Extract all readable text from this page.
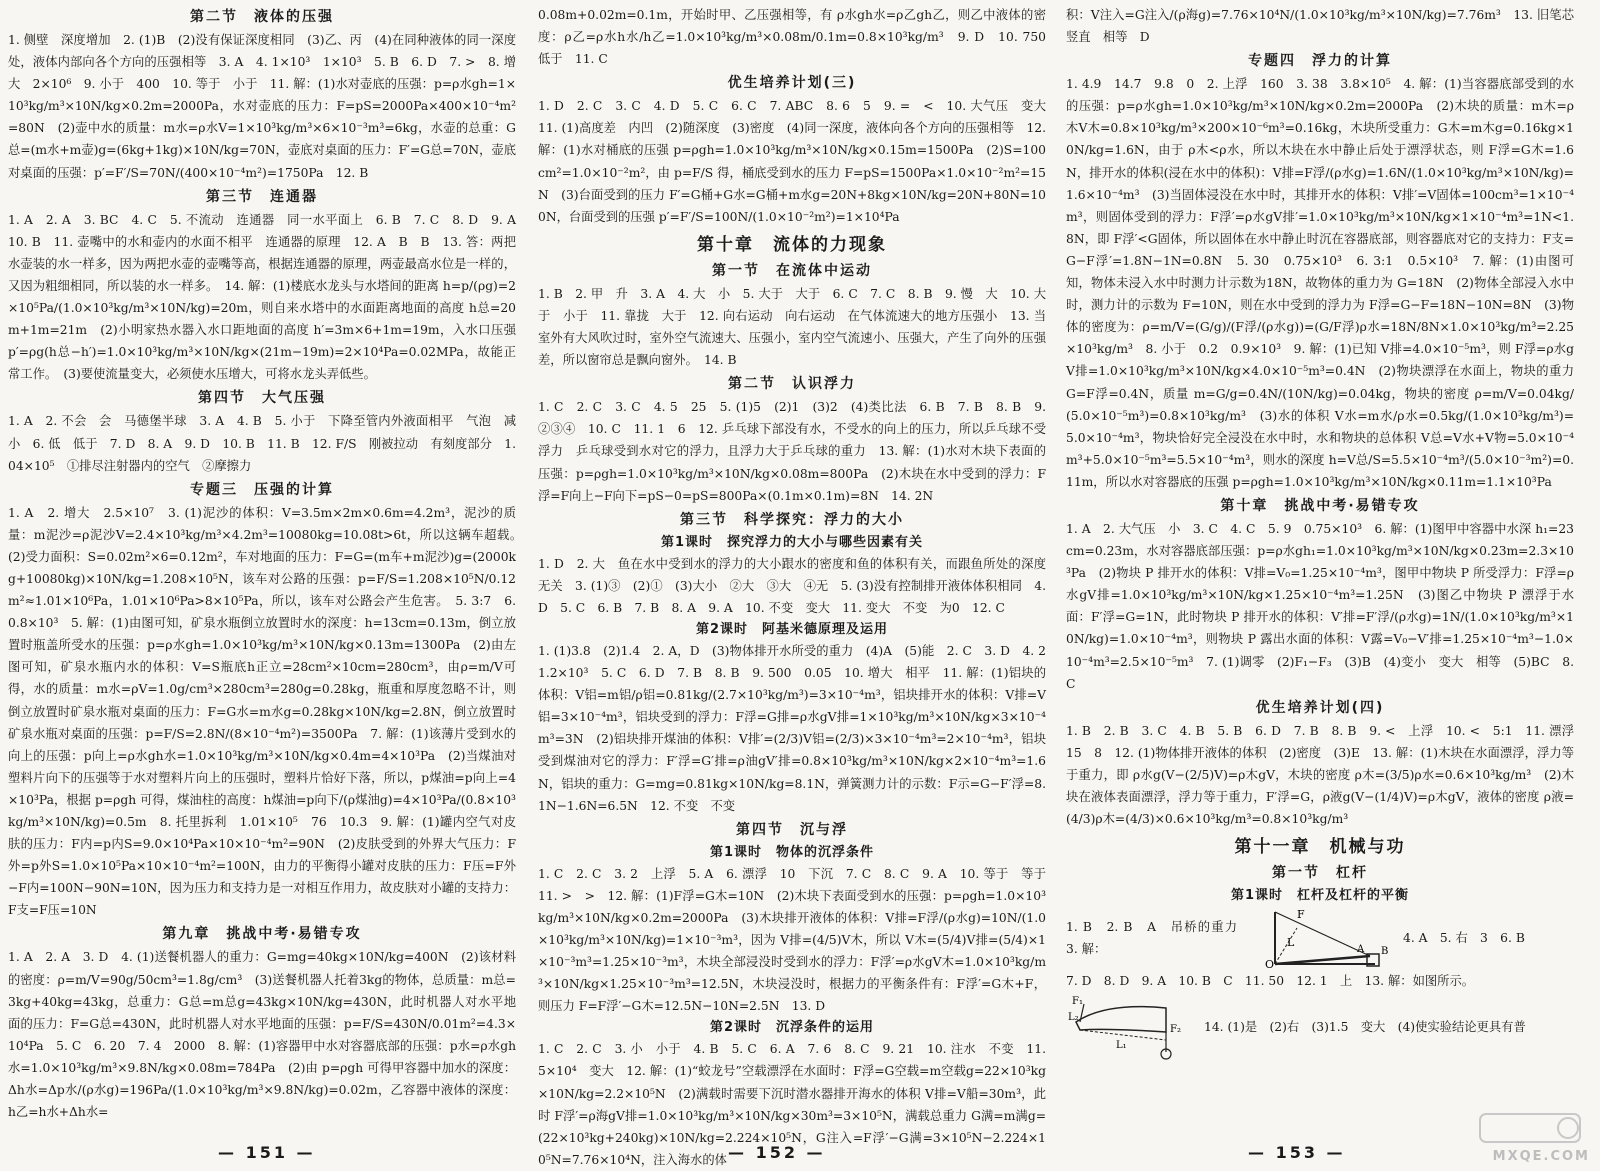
第二节　液体的压强

1. 侧壁　深度增加　2. (1)B　(2)没有保证深度相同　(3)乙、丙　(4)在同种液体的同一深度处，液体内部向各个方向的压强相等　3. A　4. 1×10³　1×10³　5. B　6. D　7. >　8. 增大　2×10⁶　9. 小于　400　10. 等于　小于　11. 解：(1)水对壶底的压强：p=ρ水gh=1×10³kg/m³×10N/kg×0.2m=2000Pa，水对壶底的压力：F=pS=2000Pa×400×10⁻⁴m²=80N　(2)壶中水的质量：m水=ρ水V=1×10³kg/m³×6×10⁻³m³=6kg，水壶的总重：G总=(m水+m壶)g=(6kg+1kg)×10N/kg=70N，壶底对桌面的压力：F′=G总=70N，壶底对桌面的压强：p′=F′/S=70N/(400×10⁻⁴m²)=1750Pa　12. B

第三节　连通器

1. A　2. A　3. BC　4. C　5. 不流动　连通器　同一水平面上　6. B　7. C　8. D　9. A　10. B　11. 壶嘴中的水和壶内的水面不相平　连通器的原理　12. A　B　B　13. 答：两把水壶装的水一样多，因为两把水壶的壶嘴等高，根据连通器的原理，两壶最高水位是一样的，又因为粗细相同，所以装的水一样多。　14. 解：(1)楼底水龙头与水塔间的距离 h=p/(ρg)=2×10⁵Pa/(1.0×10³kg/m³×10N/kg)=20m，则自来水塔中的水面距离地面的高度 h总=20m+1m=21m　(2)小明家热水器入水口距地面的高度 h′=3m×6+1m=19m，入水口压强 p′=ρg(h总−h′)=1.0×10³kg/m³×10N/kg×(21m−19m)=2×10⁴Pa=0.02MPa，故能正常工作。　(3)要使流量变大，必须使水压增大，可将水龙头弄低些。

第四节　大气压强

1. A　2. 不会　会　马德堡半球　3. A　4. B　5. 小于　下降至管内外液面相平　气泡　减小　6. 低　低于　7. D　8. A　9. D　10. B　11. B　12. F/S　刚被拉动　有刻度部分　1.04×10⁵　①排尽注射器内的空气　②摩擦力

专题三　压强的计算

1. A　2. 增大　2.5×10⁷　3. (1)泥沙的体积：V=3.5m×2m×0.6m=4.2m³，泥沙的质量：m泥沙=ρ泥沙V=2.4×10³kg/m³×4.2m³=10080kg=10.08t>6t，所以这辆车超载。　(2)受力面积：S=0.02m²×6=0.12m²，车对地面的压力：F=G=(m车+m泥沙)g=(2000kg+10080kg)×10N/kg=1.208×10⁵N，该车对公路的压强：p=F/S=1.208×10⁵N/0.12m²≈1.01×10⁶Pa，1.01×10⁶Pa>8×10⁵Pa，所以，该车对公路会产生危害。　5. 3:7　6. 0.8×10³　5. 解：(1)由图可知，矿泉水瓶倒立放置时水的深度：h=13cm=0.13m，倒立放置时瓶盖所受水的压强：p=ρ水gh=1.0×10³kg/m³×10N/kg×0.13m=1300Pa　(2)由左图可知，矿泉水瓶内水的体积：V=S瓶底h正立=28cm²×10cm=280cm³，由ρ=m/V可得，水的质量：m水=ρV=1.0g/cm³×280cm³=280g=0.28kg，瓶重和厚度忽略不计，则倒立放置时矿泉水瓶对桌面的压力：F=G水=m水g=0.28kg×10N/kg=2.8N，倒立放置时矿泉水瓶对桌面的压强：p=F/S=2.8N/(8×10⁻⁴m²)=3500Pa　7. 解：(1)该薄片受到水的向上的压强：p向上=ρ水gh水=1.0×10³kg/m³×10N/kg×0.4m=4×10³Pa　(2)当煤油对塑料片向下的压强等于水对塑料片向上的压强时，塑料片恰好下落，所以，p煤油=p向上=4×10³Pa，根据 p=ρgh 可得，煤油柱的高度：h煤油=p向下/(ρ煤油g)=4×10³Pa/(0.8×10³kg/m³×10N/kg)=0.5m　8. 托里拆利　1.01×10⁵　76　10.3　9. 解：(1)罐内空气对皮肤的压力：F内=p内S=9.0×10⁴Pa×10×10⁻⁴m²=90N　(2)皮肤受到的外界大气压力：F外=p外S=1.0×10⁵Pa×10×10⁻⁴m²=100N，由力的平衡得小罐对皮肤的压力：F压=F外−F内=100N−90N=10N，因为压力和支持力是一对相互作用力，故皮肤对小罐的支持力：F支=F压=10N

第九章　挑战中考·易错专攻

1. A　2. A　3. D　4. (1)送餐机器人的重力：G=mg=40kg×10N/kg=400N　(2)该材料的密度：ρ=m/V=90g/50cm³=1.8g/cm³　(3)送餐机器人托着3kg的物体，总质量：m总=3kg+40kg=43kg，总重力：G总=m总g=43kg×10N/kg=430N，此时机器人对水平地面的压力：F=G总=430N，此时机器人对水平地面的压强：p=F/S=430N/0.01m²=4.3×10⁴Pa　5. C　6. 20　7. 4　2000　8. 解：(1)容器甲中水对容器底部的压强：p水=ρ水gh水=1.0×10³kg/m³×9.8N/kg×0.08m=784Pa　(2)由 p=ρgh 可得甲容器中加水的深度：Δh水=Δp水/(ρ水g)=196Pa/(1.0×10³kg/m³×9.8N/kg)=0.02m，乙容器中液体的深度：h乙=h水+Δh水=

0.08m+0.02m=0.1m，开始时甲、乙压强相等，有 ρ水gh水=ρ乙gh乙，则乙中液体的密度：ρ乙=ρ水h水/h乙=1.0×10³kg/m³×0.08m/0.1m=0.8×10³kg/m³　9. D　10. 750　低于　11. C

优生培养计划(三)

1. D　2. C　3. C　4. D　5. C　6. C　7. ABC　8. 6　5　9. =　<　10. 大气压　变大　11. (1)高度差　内凹　(2)随深度　(3)密度　(4)同一深度，液体向各个方向的压强相等　12. 解：(1)水对桶底的压强 p=ρgh=1.0×10³kg/m³×10N/kg×0.15m=1500Pa　(2)S=100cm²=1.0×10⁻²m²，由 p=F/S 得，桶底受到水的压力 F=pS=1500Pa×1.0×10⁻²m²=15N　(3)台面受到的压力 F′=G桶+G水=G桶+m水g=20N+8kg×10N/kg=20N+80N=100N，台面受到的压强 p′=F′/S=100N/(1.0×10⁻²m²)=1×10⁴Pa

第十章　流体的力现象
第一节　在流体中运动

1. B　2. 甲　升　3. A　4. 大　小　5. 大于　大于　6. C　7. C　8. B　9. 慢　大　10. 大于　小于　11. 靠拢　大于　12. 向右运动　向右运动　在气体流速大的地方压强小　13. 当室外有大风吹过时，室外空气流速大、压强小，室内空气流速小、压强大，产生了向外的压强差，所以窗帘总是飘向窗外。　14. B

第二节　认识浮力

1. C　2. C　3. C　4. 5　25　5. (1)5　(2)1　(3)2　(4)类比法　6. B　7. B　8. B　9. ②③④　10. C　11. 1　6　12. 乒乓球下部没有水，不受水的向上的压力，所以乒乓球不受浮力　乒乓球受到水对它的浮力，且浮力大于乒乓球的重力　13. 解：(1)水对木块下表面的压强：p=ρgh=1.0×10³kg/m³×10N/kg×0.08m=800Pa　(2)木块在水中受到的浮力：F浮=F向上−F向下=pS−0=pS=800Pa×(0.1m×0.1m)=8N　14. 2N

第三节　科学探究：浮力的大小
第1课时　探究浮力的大小与哪些因素有关

1. D　2. 大　鱼在水中受到水的浮力的大小跟水的密度和鱼的体积有关，而跟鱼所处的深度无关　3. (1)③　(2)①　(3)大小　②大　③大　④无　5. (3)没有控制排开液体体积相同　4. D　5. C　6. B　7. B　8. A　9. A　10. 不变　变大　11. 变大　不变　为0　12. C

第2课时　阿基米德原理及运用

1. (1)3.8　(2)1.4　2. A，D　(3)物体排开水所受的重力　(4)A　(5)能　2. C　3. D　4. 2　1.2×10³　5. C　6. D　7. B　8. B　9. 500　0.05　10. 增大　相平　11. 解：(1)铝块的体积：V铝=m铝/ρ铝=0.81kg/(2.7×10³kg/m³)=3×10⁻⁴m³，铝块排开水的体积：V排=V铝=3×10⁻⁴m³，铝块受到的浮力：F浮=G排=ρ水gV排=1×10³kg/m³×10N/kg×3×10⁻⁴m³=3N　(2)铝块排开煤油的体积：V排′=(2/3)V铝=(2/3)×3×10⁻⁴m³=2×10⁻⁴m³，铝块受到煤油对它的浮力：F′浮=G′排=ρ油gV′排=0.8×10³kg/m³×10N/kg×2×10⁻⁴m³=1.6N，铝块的重力：G=mg=0.81kg×10N/kg=8.1N，弹簧测力计的示数：F示=G−F′浮=8.1N−1.6N=6.5N　12. 不变　不变

第四节　沉与浮
第1课时　物体的沉浮条件

1. C　2. C　3. 2　上浮　5. A　6. 漂浮　10　下沉　7. C　8. C　9. A　10. 等于　等于　11. >　>　12. 解：(1)F浮=G木=10N　(2)木块下表面受到水的压强：p=ρgh=1.0×10³kg/m³×10N/kg×0.2m=2000Pa　(3)木块排开液体的体积：V排=F浮/(ρ水g)=10N/(1.0×10³kg/m³×10N/kg)=1×10⁻³m³，因为 V排=(4/5)V木，所以 V木=(5/4)V排=(5/4)×1×10⁻³m³=1.25×10⁻³m³，木块全部浸没时受到水的浮力：F浮′=ρ水gV木=1.0×10³kg/m³×10N/kg×1.25×10⁻³m³=12.5N，木块浸没时，根据力的平衡条件有：F浮′=G木+F，则压力 F=F浮′−G木=12.5N−10N=2.5N　13. D

第2课时　沉浮条件的运用

1. C　2. C　3. 小　小于　4. B　5. C　6. A　7. 6　8. C　9. 21　10. 注水　不变　11. 5×10⁴　变大　12. 解：(1)“蛟龙号”空载漂浮在水面时：F浮=G空载=m空载g=22×10³kg×10N/kg=2.2×10⁵N　(2)满载时需要下沉时潜水器排开海水的体积 V排=V船=30m³，此时 F浮′=ρ海gV排=1.0×10³kg/m³×10N/kg×30m³=3×10⁵N，满载总重力 G满=m满g=(22×10³kg+240kg)×10N/kg=2.224×10⁵N，G注入=F浮′−G满=3×10⁵N−2.224×10⁵N=7.76×10⁴N，注入海水的体

积：V注入=G注入/(ρ海g)=7.76×10⁴N/(1.0×10³kg/m³×10N/kg)=7.76m³　13. 旧笔芯　竖直　相等　D

专题四　浮力的计算

1. 4.9　14.7　9.8　0　2. 上浮　160　3. 38　3.8×10⁵　4. 解：(1)当容器底部受到的水的压强：p=ρ水gh=1.0×10³kg/m³×10N/kg×0.2m=2000Pa　(2)木块的质量：m木=ρ木V木=0.8×10³kg/m³×200×10⁻⁶m³=0.16kg，木块所受重力：G木=m木g=0.16kg×10N/kg=1.6N，由于 ρ木<ρ水，所以木块在水中静止后处于漂浮状态，则 F浮=G木=1.6N，排开水的体积(浸在水中的体积)：V排=F浮/(ρ水g)=1.6N/(1.0×10³kg/m³×10N/kg)=1.6×10⁻⁴m³　(3)当固体浸没在水中时，其排开水的体积：V排′=V固体=100cm³=1×10⁻⁴m³，则固体受到的浮力：F浮′=ρ水gV排′=1.0×10³kg/m³×10N/kg×1×10⁻⁴m³=1N<1.8N，即 F浮′<G固体，所以固体在水中静止时沉在容器底部，则容器底对它的支持力：F支=G−F浮′=1.8N−1N=0.8N　5. 30　0.75×10³　6. 3:1　0.5×10³　7. 解：(1)由图可知，物体未浸入水中时测力计示数为18N，故物体的重力为 G=18N　(2)物体全部浸入水中时，测力计的示数为 F=10N，则在水中受到的浮力为 F浮=G−F=18N−10N=8N　(3)物体的密度为：ρ=m/V=(G/g)/(F浮/(ρ水g))=(G/F浮)ρ水=18N/8N×1.0×10³kg/m³=2.25×10³kg/m³　8. 小于　0.2　0.9×10³　9. 解：(1)已知 V排=4.0×10⁻⁵m³，则 F浮=ρ水gV排=1.0×10³kg/m³×10N/kg×4.0×10⁻⁵m³=0.4N　(2)物块漂浮在水面上，物块的重力 G=F浮=0.4N，质量 m=G/g=0.4N/(10N/kg)=0.04kg，物块的密度 ρ=m/V=0.04kg/(5.0×10⁻⁵m³)=0.8×10³kg/m³　(3)水的体积 V水=m水/ρ水=0.5kg/(1.0×10³kg/m³)=5.0×10⁻⁴m³，物块恰好完全浸没在水中时，水和物块的总体积 V总=V水+V物=5.0×10⁻⁴m³+5.0×10⁻⁵m³=5.5×10⁻⁴m³，则水的深度 h=V总/S=5.5×10⁻⁴m³/(5.0×10⁻³m²)=0.11m，所以水对容器底的压强 p=ρgh=1.0×10³kg/m³×10N/kg×0.11m=1.1×10³Pa

第十章　挑战中考·易错专攻

1. A　2. 大气压　小　3. C　4. C　5. 9　0.75×10³　6. 解：(1)图甲中容器中水深 h₁=23cm=0.23m，水对容器底部压强：p=ρ水gh₁=1.0×10³kg/m³×10N/kg×0.23m=2.3×10³Pa　(2)物块 P 排开水的体积：V排=V₀=1.25×10⁻⁴m³，图甲中物块 P 所受浮力：F浮=ρ水gV排=1.0×10³kg/m³×10N/kg×1.25×10⁻⁴m³=1.25N　(3)图乙中物块 P 漂浮于水面：F′浮=G=1N，此时物块 P 排开水的体积：V′排=F′浮/(ρ水g)=1N/(1.0×10³kg/m³×10N/kg)=1.0×10⁻⁴m³，则物块 P 露出水面的体积：V露=V₀−V′排=1.25×10⁻⁴m³−1.0×10⁻⁴m³=2.5×10⁻⁵m³　7. (1)调零　(2)F₁−F₃　(3)B　(4)变小　变大　相等　(5)BC　8. C

优生培养计划(四)

1. B　2. B　3. C　4. B　5. B　6. D　7. B　8. B　9. <　上浮　10. <　5:1　11. 漂浮　15　8　12. (1)物体排开液体的体积　(2)密度　(3)E　13. 解：(1)木块在水面漂浮，浮力等于重力，即 ρ水g(V−(2/5)V)=ρ木gV，木块的密度 ρ木=(3/5)ρ水=0.6×10³kg/m³　(2)木块在液体表面漂浮，浮力等于重力，F′浮=G，ρ液g(V−(1/4)V)=ρ木gV，液体的密度 ρ液=(4/3)ρ木=(4/3)×0.6×10³kg/m³=0.8×10³kg/m³

第十一章　机械与功
第一节　杠杆
第1课时　杠杆及杠杆的平衡

1. B　2. B　A　吊桥的重力　3. 解：

F
L
O
A B

4. A　5. 右　3　6. B

7. D　8. D　9. A　10. B　C　11. 50　12. 1　上　13. 解：如图所示。

F₁
F₂
L₁
L₂

14. (1)是　(2)右　(3)1.5　变大　(4)使实验结论更具有普

— 151 —	— 152 —	— 153 —	MXQE.COM
